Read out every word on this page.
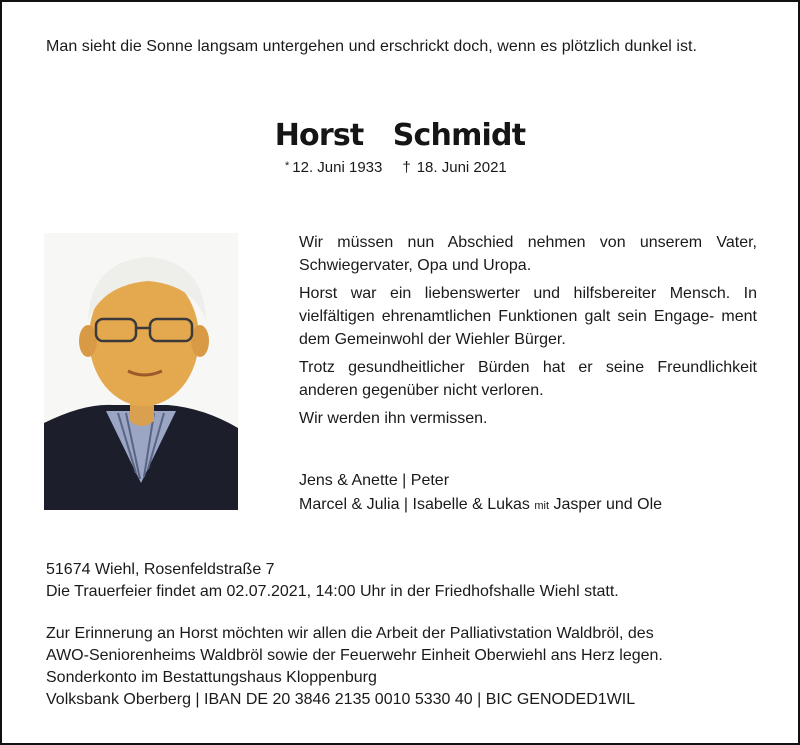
Man sieht die Sonne langsam untergehen und erschrickt doch, wenn es plötzlich dunkel ist.
Horst  Schmidt
* 12. Juni 1933 † 18. Juni 2021

Wir müssen nun Abschied nehmen von unserem Vater, Schwiegervater, Opa und Uropa.

Horst war ein liebenswerter und hilfsbereiter Mensch. In vielfältigen ehrenamtlichen Funktionen galt sein Engage- ment dem Gemeinwohl der Wiehler Bürger.

Trotz gesundheitlicher Bürden hat er seine Freundlichkeit anderen gegenüber nicht verloren.

Wir werden ihn vermissen.

Jens & Anette | Peter
Marcel & Julia | Isabelle & Lukas mit Jasper und Ole
51674 Wiehl, Rosenfeldstraße 7
Die Trauerfeier findet am 02.07.2021, 14:00 Uhr in der Friedhofshalle Wiehl statt.
Zur Erinnerung an Horst möchten wir allen die Arbeit der Palliativstation Waldbröl, des
AWO-Seniorenheims Waldbröl sowie der Feuerwehr Einheit Oberwiehl ans Herz legen.
Sonderkonto im Bestattungshaus Kloppenburg
Volksbank Oberberg | IBAN DE 20 3846 2135 0010 5330 40 | BIC GENODED1WIL
